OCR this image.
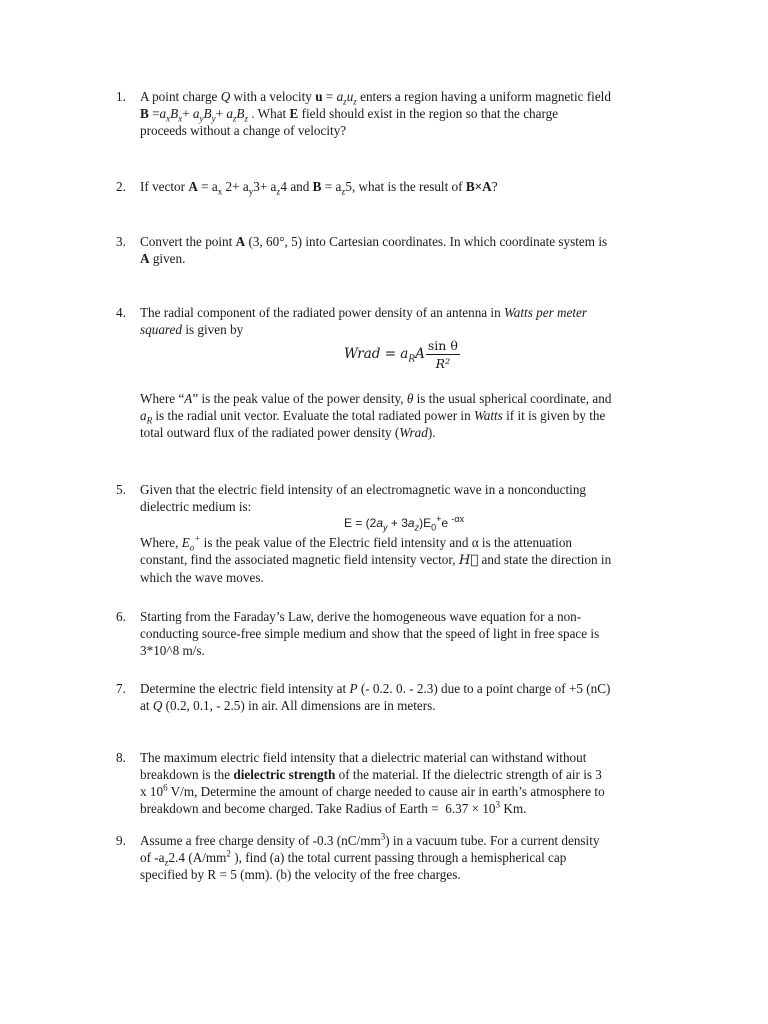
1. A point charge Q with a velocity $u = a_zu_z$ enters a region having a uniform magnetic field
$B =a_xB_x+ a_yB_y+ a_zB_z$ . What E field should exist in the region so that the charge
proceeds without a change of velocity?
2. If vector $A = a_x$ $2+ a_y3+ a_z4$ and $B = a_z5$, what is the result of B×A?
3. Convert the point A (3, 60°, 5) into Cartesian coordinates. In which coordinate system is
A given.
4. The radial component of the radiated power density of an antenna in Watts per meter
squared is given by
Wrad = $a_RA \frac{\text{sin θ}}{\text{R²}}$
Where “A” is the peak value of the power density, θ is the usual spherical coordinate, and
$a_R$ is the radial unit vector. Evaluate the total radiated power in Watts if it is given by the
total outward flux of the radiated power density (Wrad).
5. Given that the electric field intensity of an electromagnetic wave in a nonconducting
dielectric medium is:
$E = (2a_y + 3a_z)E_0^+e$ $^{-\alpha x}$
Where, $E_o^+$ is the peak value of the Electric field intensity and α is the attenuation
constant, find the associated magnetic field intensity vector, H⃗ and state the direction in
which the wave moves.
6. Starting from the Faraday’s Law, derive the homogeneous wave equation for a non-
conducting source-free simple medium and show that the speed of light in free space is
3*10^8 m/s.
7. Determine the electric field intensity at P (- 0.2. 0. - 2.3) due to a point charge of +5 (nC)
at Q (0.2, 0.1, - 2.5) in air. All dimensions are in meters.
8. The maximum electric field intensity that a dielectric material can withstand without
breakdown is the dielectric strength of the material. If the dielectric strength of air is 3
x $10^6$ V/m, Determine the amount of charge needed to cause air in earth’s atmosphere to
breakdown and become charged. Take Radius of Earth =  $6.37 \times 10^3$ Km.
9. Assume a free charge density of -0.3 $(nC/mm^3)$ in a vacuum tube. For a current density
of $-a_z2.4$ ($A/mm^2$ ), find (a) the total current passing through a hemispherical cap
specified by R = 5 (mm). (b) the velocity of the free charges.
